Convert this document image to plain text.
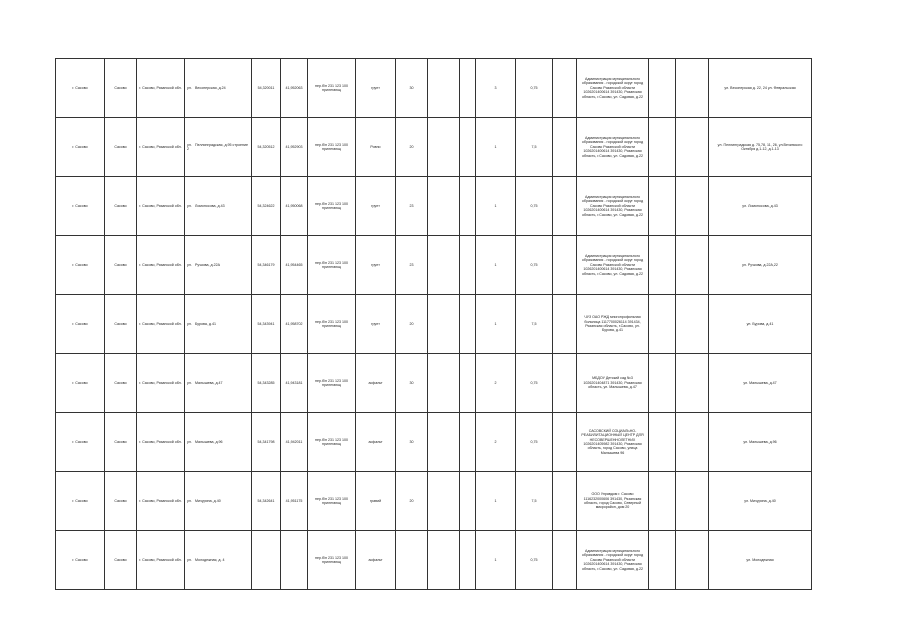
г. Сасово	Сасово	г. Сасово, Рязанской обл.	ул. Весоперская, д.24	54,320011	41,952063	нер.б/н 231 123 100 прилегающ	грунт	30			3	0,75		Администрация муниципального образования - городской округ город Сасово Рязанской области 1026201400614 391430, Рязанская область, г.Сасово, ул. Садовая, д.22			ул. Весоперская д. 22, 24 ул. Февральская
г. Сасово	Сасово	г. Сасово, Рязанской обл.	ул. Пеллинградская, д.95 строение 2	54,320512	41,952903	нер.б/н 231 123 100 прилегающ	Ровно	20			1	7,5		Администрация муниципального образования - городской округ город Сасово Рязанской области 1026201400614 391430, Рязанская область, г.Сасово, ул. Садовая, д.22			ул. Пеллинградская д. 75,78, 11, 26, ул.Вечинского Октября д.1-12, д.1-13
г. Сасово	Сасово	г. Сасово, Рязанской обл.	ул. Ломоносова, д.43	54,324622	41,950068	нер.б/н 231 123 100 прилегающ	грунт	23			1	0,75		Администрация муниципального образования - городской округ город Сасово Рязанской области 1026201400614 391430, Рязанская область, г.Сасово, ул. Садовая, д.22			ул. Ломоносова, д.43
г. Сасово	Сасово	г. Сасово, Рязанской обл.	ул. Ручкова, д.22А	54,346179	41,954465	нер.б/н 231 123 100 прилегающ	грунт	23			1	0,75		Администрация муниципального образования - городской округ город Сасово Рязанской области 1026201400614 391430, Рязанская область, г.Сасово, ул. Садовая, д.22			ул. Ручкова, д.22А,22
г. Сасово	Сасово	г. Сасово, Рязанской обл.	ул. Бурова, д.41	54,343941	41,958702	нер.б/н 231 123 100 прилегающ	грунт	20			1	7,5		ЧУЗ ОАО РЖД многопрофильная больница 1117700026114 391434, Рязанская область, г.Сасово, ул. Бурова, д.41			ул. Бурова, д.41
г. Сасово	Сасово	г. Сасово, Рязанской обл.	ул. Малышева, д.47	54,343285	41,943181	нер.б/н 231 123 100 прилегающ	асфальт	30			2	0,75		МБДОУ Детский сад №3 1026201404871 391430, Рязанская область, ул. Малышева, д.47			ул. Малышева, д.47
г. Сасово	Сасово	г. Сасово, Рязанской обл.	ул. Малышева, д.96	54,341798	41,942011	нер.б/н 231 123 100 прилегающ	асфальт	30			2	0,75		САСОВСКИЙ СОЦИАЛЬНО-РЕАБИЛИТАЦИОННЫЙ ЦЕНТР ДЛЯ НЕСОВЕРШЕННОЛЕТНИХ 1026201405982 391430, Рязанская область, город Сасово, улица Малышева 96			ул. Малышева, д.96
г. Сасово	Сасово	г. Сасово, Рязанской обл.	ул. Мичурина, д.40	54,342641	41,951175	нер.б/н 231 123 100 прилегающ	гравий	20			1	7,5		ООО Управдом г. Сасово 1116232000606 391430, Рязанская область, город Сасово, Северный микрорайон, дом 20			ул. Мичурина, д.40
г. Сасово	Сасово	г. Сасово, Рязанской обл.	ул. Молодежная, д. 4			нер.б/н 231 123 100 прилегающ	асфальт				1	0,75		Администрация муниципального образования - городской округ город Сасово Рязанской области 1026201400614 391430, Рязанская область, г.Сасово, ул. Садовая, д.22			ул. Молодежная
